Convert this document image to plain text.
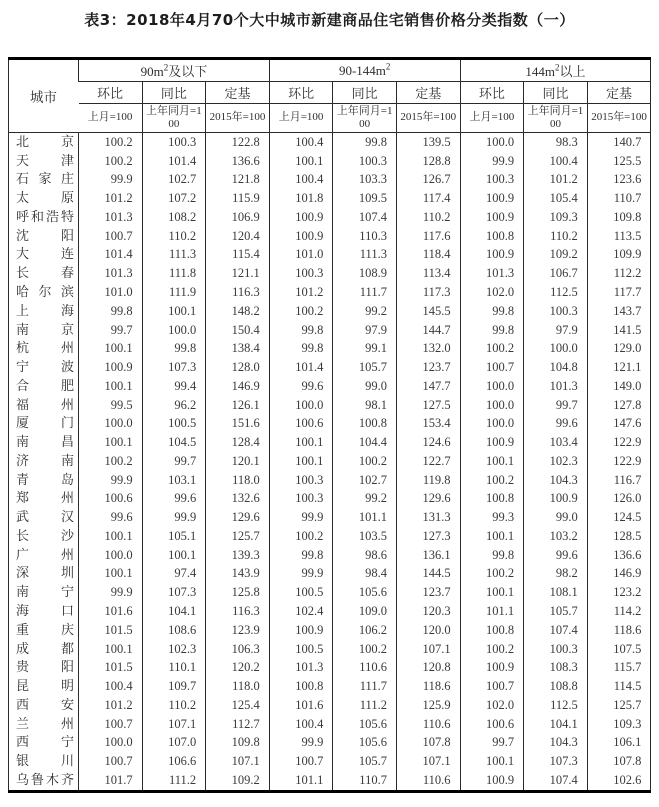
表3：2018年4月70个大中城市新建商品住宅销售价格分类指数（一）
城市	$90m^2$及以下			$90-144m^2$			$144m^2$以上		
	环比	同比	定基	环比	同比	定基	环比	同比	定基
	上月=100	上年同月=100	2015年=100	上月=100	上年同月=100	2015年=100	上月=100	上年同月=100	2015年=100
北京	100.2	100.3	122.8	100.4	99.8	139.5	100.0	98.3	140.7
天津	100.2	101.4	136.6	100.1	100.3	128.8	99.9	100.4	125.5
石家庄	99.9	102.7	121.8	100.4	103.3	126.7	100.3	101.2	123.6
太原	101.2	107.2	115.9	101.8	109.5	117.4	100.9	105.4	110.7
呼和浩特	101.3	108.2	106.9	100.9	107.4	110.2	100.9	109.3	109.8
沈阳	100.7	110.2	120.4	100.9	110.3	117.6	100.8	110.2	113.5
大连	101.4	111.3	115.4	101.0	111.3	118.4	100.9	109.2	109.9
长春	101.3	111.8	121.1	100.3	108.9	113.4	101.3	106.7	112.2
哈尔滨	101.0	111.9	116.3	101.2	111.7	117.3	102.0	112.5	117.7
上海	99.8	100.1	148.2	100.2	99.2	145.5	99.8	100.3	143.7
南京	99.7	100.0	150.4	99.8	97.9	144.7	99.8	97.9	141.5
杭州	100.1	99.8	138.4	99.8	99.1	132.0	100.2	100.0	129.0
宁波	100.9	107.3	128.0	101.4	105.7	123.7	100.7	104.8	121.1
合肥	100.1	99.4	146.9	99.6	99.0	147.7	100.0	101.3	149.0
福州	99.5	96.2	126.1	100.0	98.1	127.5	100.0	99.7	127.8
厦门	100.0	100.5	151.6	100.6	100.8	153.4	100.0	99.6	147.6
南昌	100.1	104.5	128.4	100.1	104.4	124.6	100.9	103.4	122.9
济南	100.2	99.7	120.1	100.1	100.2	122.7	100.1	102.3	122.9
青岛	99.9	103.1	118.0	100.3	102.7	119.8	100.2	104.3	116.7
郑州	100.6	99.6	132.6	100.3	99.2	129.6	100.8	100.9	126.0
武汉	99.6	99.9	129.6	99.9	101.1	131.3	99.3	99.0	124.5
长沙	100.1	105.1	125.7	100.2	103.5	127.3	100.1	103.2	128.5
广州	100.0	100.1	139.3	99.8	98.6	136.1	99.8	99.6	136.6
深圳	100.1	97.4	143.9	99.9	98.4	144.5	100.2	98.2	146.9
南宁	99.9	107.3	125.8	100.5	105.6	123.7	100.1	108.1	123.2
海口	101.6	104.1	116.3	102.4	109.0	120.3	101.1	105.7	114.2
重庆	101.5	108.6	123.9	100.9	106.2	120.0	100.8	107.4	118.6
成都	100.1	102.3	106.3	100.5	100.2	107.1	100.2	100.3	107.5
贵阳	101.5	110.1	120.2	101.3	110.6	120.8	100.9	108.3	115.7
昆明	100.4	109.7	118.0	100.8	111.7	118.6	100.7	108.8	114.5
西安	101.2	110.2	125.4	101.6	111.2	125.9	102.0	112.5	125.7
兰州	100.7	107.1	112.7	100.4	105.6	110.6	100.6	104.1	109.3
西宁	100.0	107.0	109.8	99.9	105.6	107.8	99.7	104.3	106.1
银川	100.7	106.6	107.1	100.7	105.7	107.1	100.1	107.3	107.8
乌鲁木齐	101.7	111.2	109.2	101.1	110.7	110.6	100.9	107.4	102.6
